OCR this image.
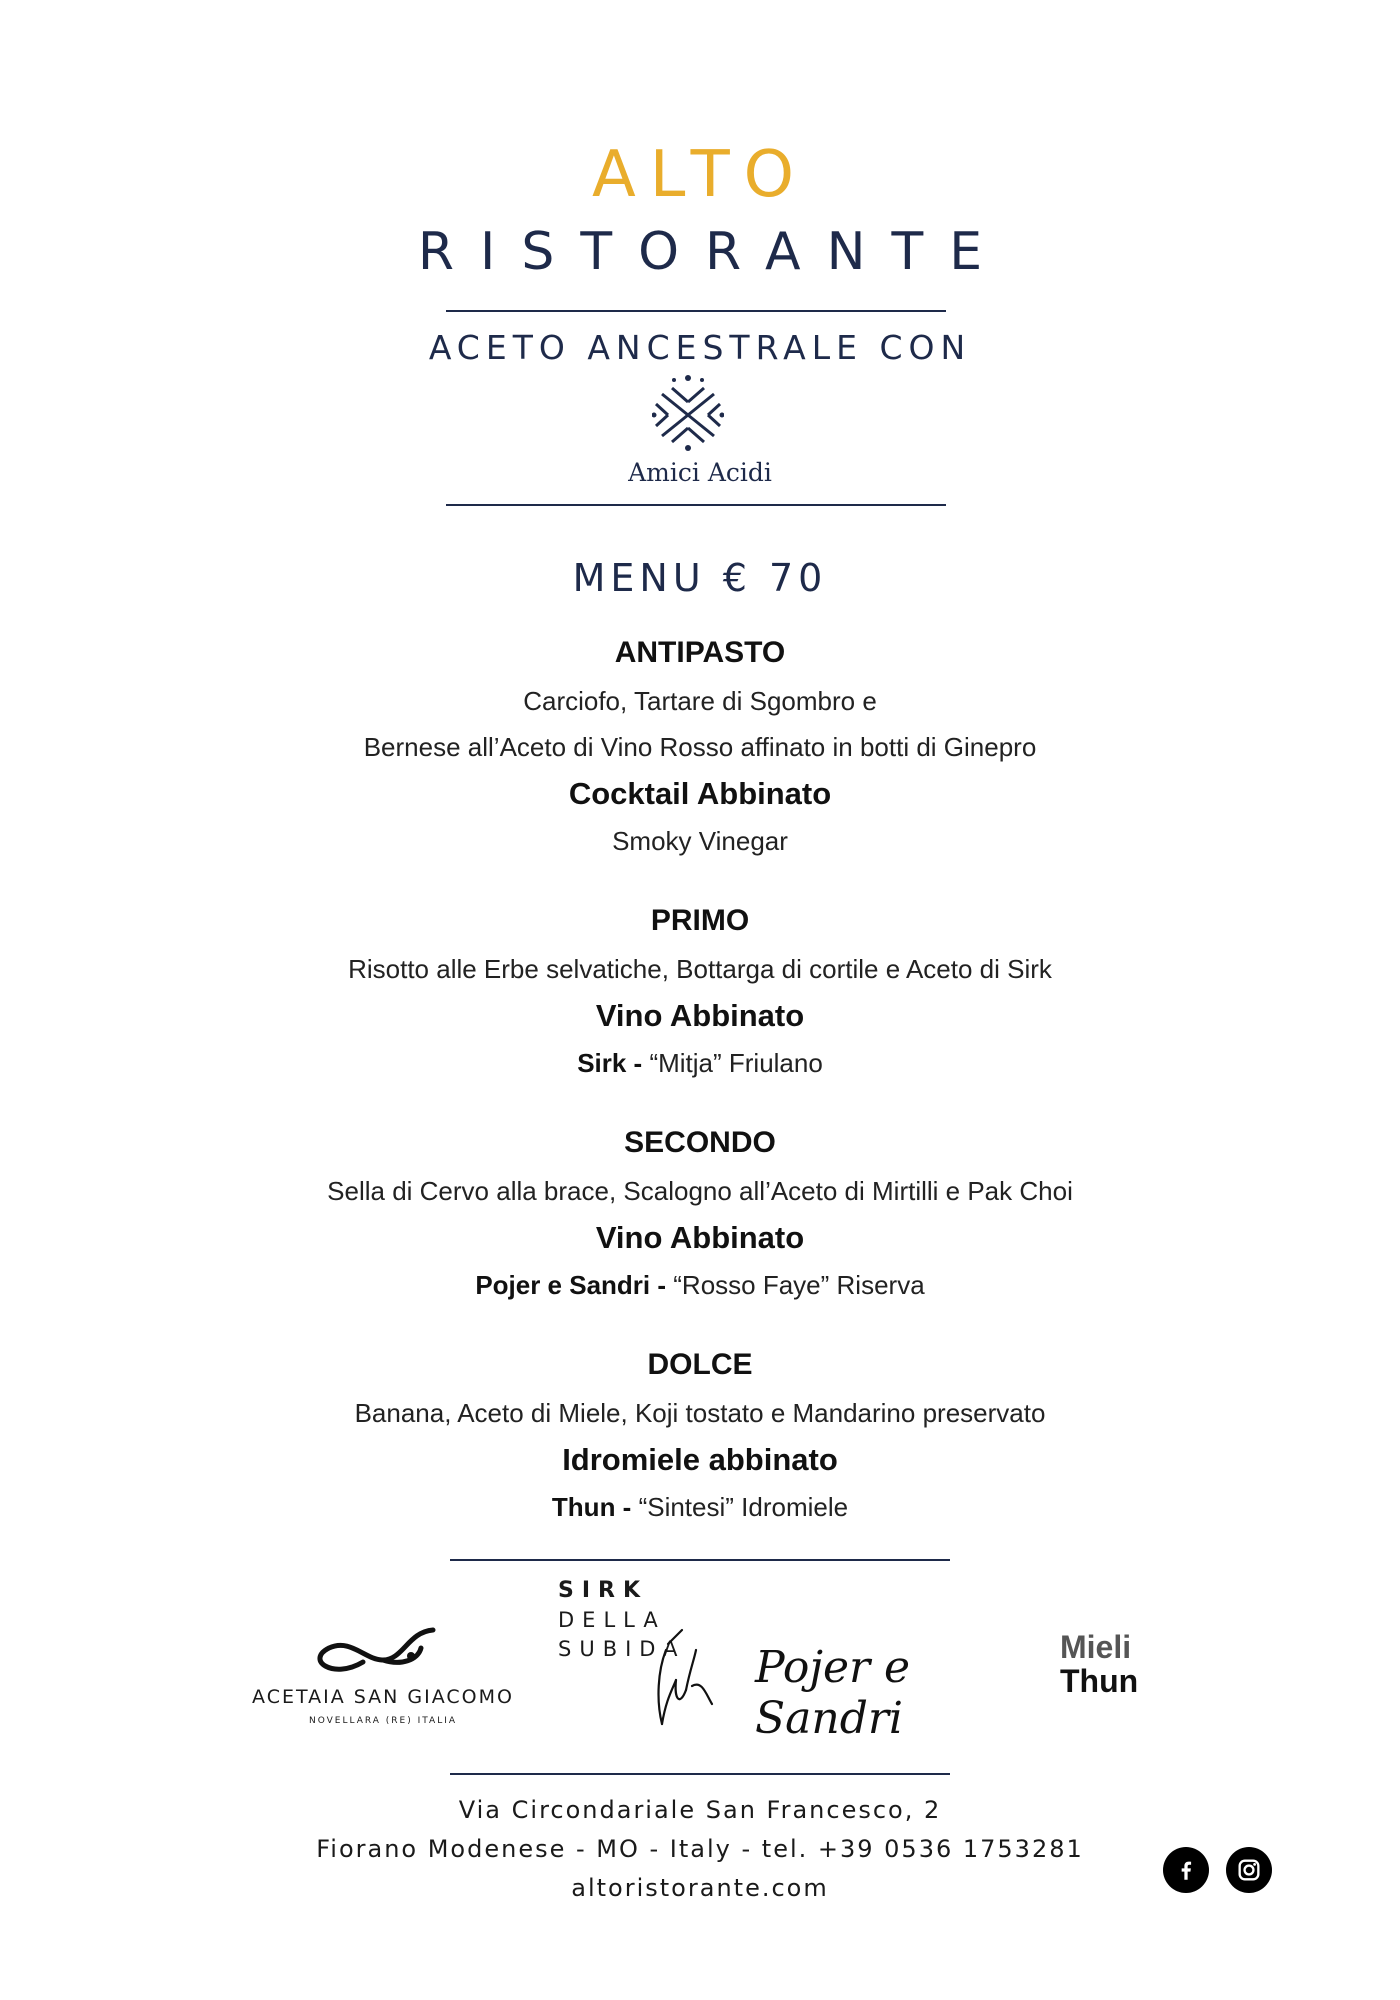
ALTO
RISTORANTE
ACETO ANCESTRALE CON
Amici Acidi
MENU € 70
ANTIPASTO
Carciofo, Tartare di Sgombro e
Bernese all’Aceto di Vino Rosso affinato in botti di Ginepro
Cocktail Abbinato
Smoky Vinegar
PRIMO
Risotto alle Erbe selvatiche, Bottarga di cortile e Aceto di Sirk
Vino Abbinato
Sirk - “Mitja” Friulano
SECONDO
Sella di Cervo alla brace, Scalogno all’Aceto di Mirtilli e Pak Choi
Vino Abbinato
Pojer e Sandri - “Rosso Faye” Riserva
DOLCE
Banana, Aceto di Miele, Koji tostato e Mandarino preservato
Idromiele abbinato
Thun - “Sintesi” Idromiele
ACETAIA SAN GIACOMO
NOVELLARA (RE) ITALIA
SIRK
DELLA
SUBIDA	Pojer e Sandri
Mieli
Thun
Via Circondariale San Francesco, 2
Fiorano Modenese - MO - Italy - tel. +39 0536 1753281
altoristorante.com
